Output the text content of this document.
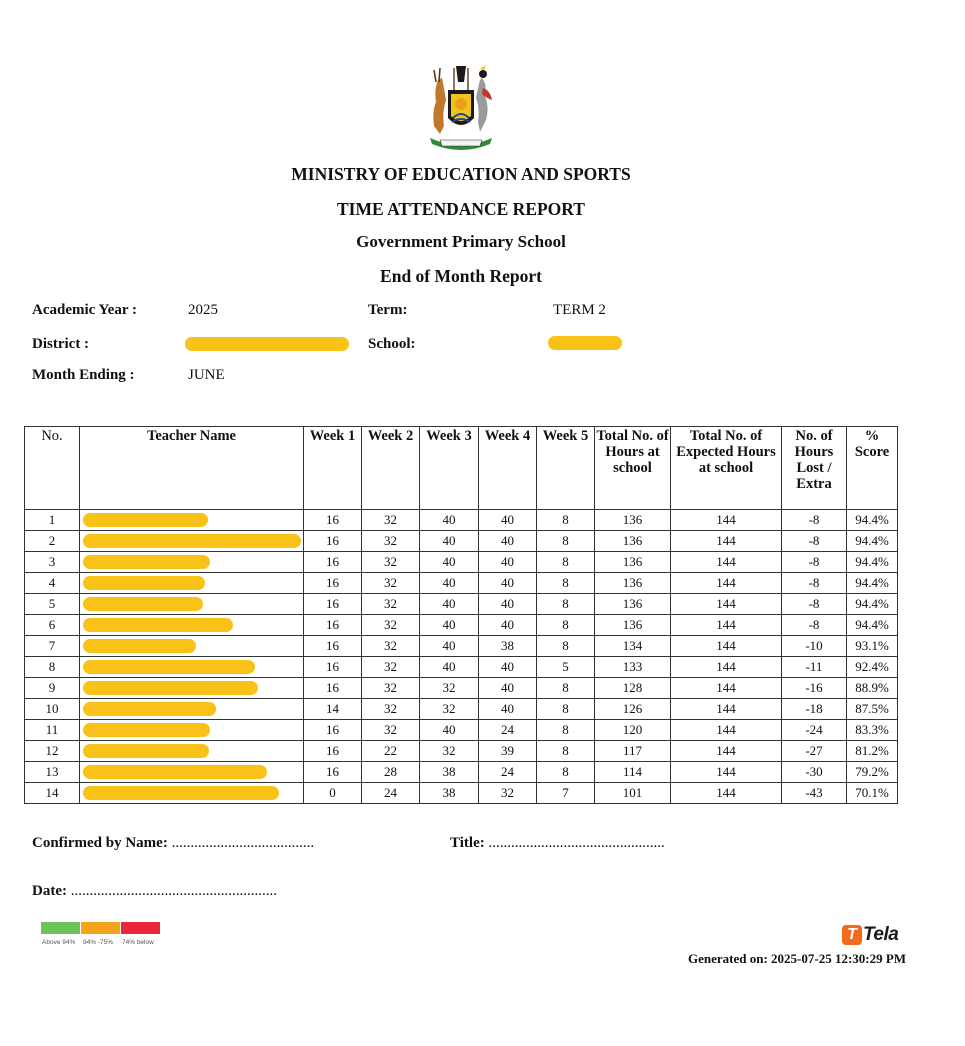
MINISTRY OF EDUCATION AND SPORTS
TIME ATTENDANCE REPORT
Government Primary School
End of Month Report
Academic Year :	2025	Term:	TERM 2
District :	School:
Month Ending :	JUNE
No.	Teacher Name	Week 1	Week 2	Week 3	Week 4	Week 5	Total No. of Hours at school	Total No. of Expected Hours at school	No. of Hours Lost / Extra	% Score
1		16	32	40	40	8	136	144	-8	94.4%
2		16	32	40	40	8	136	144	-8	94.4%
3		16	32	40	40	8	136	144	-8	94.4%
4		16	32	40	40	8	136	144	-8	94.4%
5		16	32	40	40	8	136	144	-8	94.4%
6		16	32	40	40	8	136	144	-8	94.4%
7		16	32	40	38	8	134	144	-10	93.1%
8		16	32	40	40	5	133	144	-11	92.4%
9		16	32	32	40	8	128	144	-16	88.9%
10		14	32	32	40	8	126	144	-18	87.5%
11		16	32	40	24	8	120	144	-24	83.3%
12		16	22	32	39	8	117	144	-27	81.2%
13		16	28	38	24	8	114	144	-30	79.2%
14		0	24	38	32	7	101	144	-43	70.1%
Confirmed by Name: ......................................	Title: ...............................................
Date: .......................................................
Above 94% 94% -75% 74% below	T Tela
Generated on: 2025-07-25 12:30:29 PM
